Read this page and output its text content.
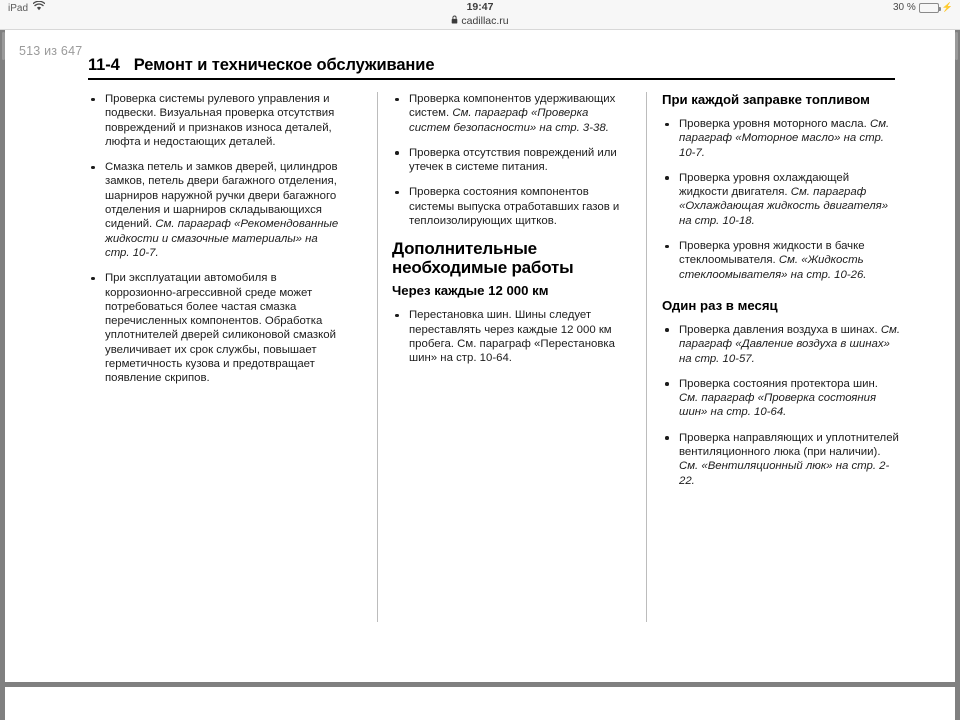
iPad	19:47	30 %	⚡
cadillac.ru
513 из 647
11-4 Ремонт и техническое обслуживание
Проверка системы рулевого управления и подвески. Визуальная проверка отсутствия повреждений и признаков износа деталей, люфта и недостающих деталей.
Смазка петель и замков дверей, цилиндров замков, петель двери багажного отделения, шарниров наружной ручки двери багажного отделения и шарниров складывающихся сидений. См. параграф «Рекомендованные жидкости и смазочные материалы» на стр. 10-7.
При эксплуатации автомобиля в коррозионно-агрессивной среде может потребоваться более частая смазка перечисленных компонентов. Обработка уплотнителей дверей силиконовой смазкой увеличивает их срок службы, повышает герметичность кузова и предотвращает появление скрипов.
Проверка компонентов удерживающих систем. См. параграф «Проверка систем безопасности» на стр. 3-38.
Проверка отсутствия повреждений или утечек в системе питания.
Проверка состояния компонентов системы выпуска отработавших газов и теплоизолирующих щитков.
Дополнительные необходимые работы
Через каждые 12 000 км
Перестановка шин. Шины следует переставлять через каждые 12 000 км пробега. См. параграф «Перестановка шин» на стр. 10-64.
При каждой заправке топливом
Проверка уровня моторного масла. См. параграф «Моторное масло» на стр. 10-7.
Проверка уровня охлаждающей жидкости двигателя. См. параграф «Охлаждающая жидкость двигателя» на стр. 10-18.
Проверка уровня жидкости в бачке стеклоомывателя. См. «Жидкость стеклоомывателя» на стр. 10-26.
Один раз в месяц
Проверка давления воздуха в шинах. См. параграф «Давление воздуха в шинах» на стр. 10-57.
Проверка состояния протектора шин. См. параграф «Проверка состояния шин» на стр. 10-64.
Проверка направляющих и уплотнителей вентиляционного люка (при наличии). См. «Вентиляционный люк» на стр. 2-22.
